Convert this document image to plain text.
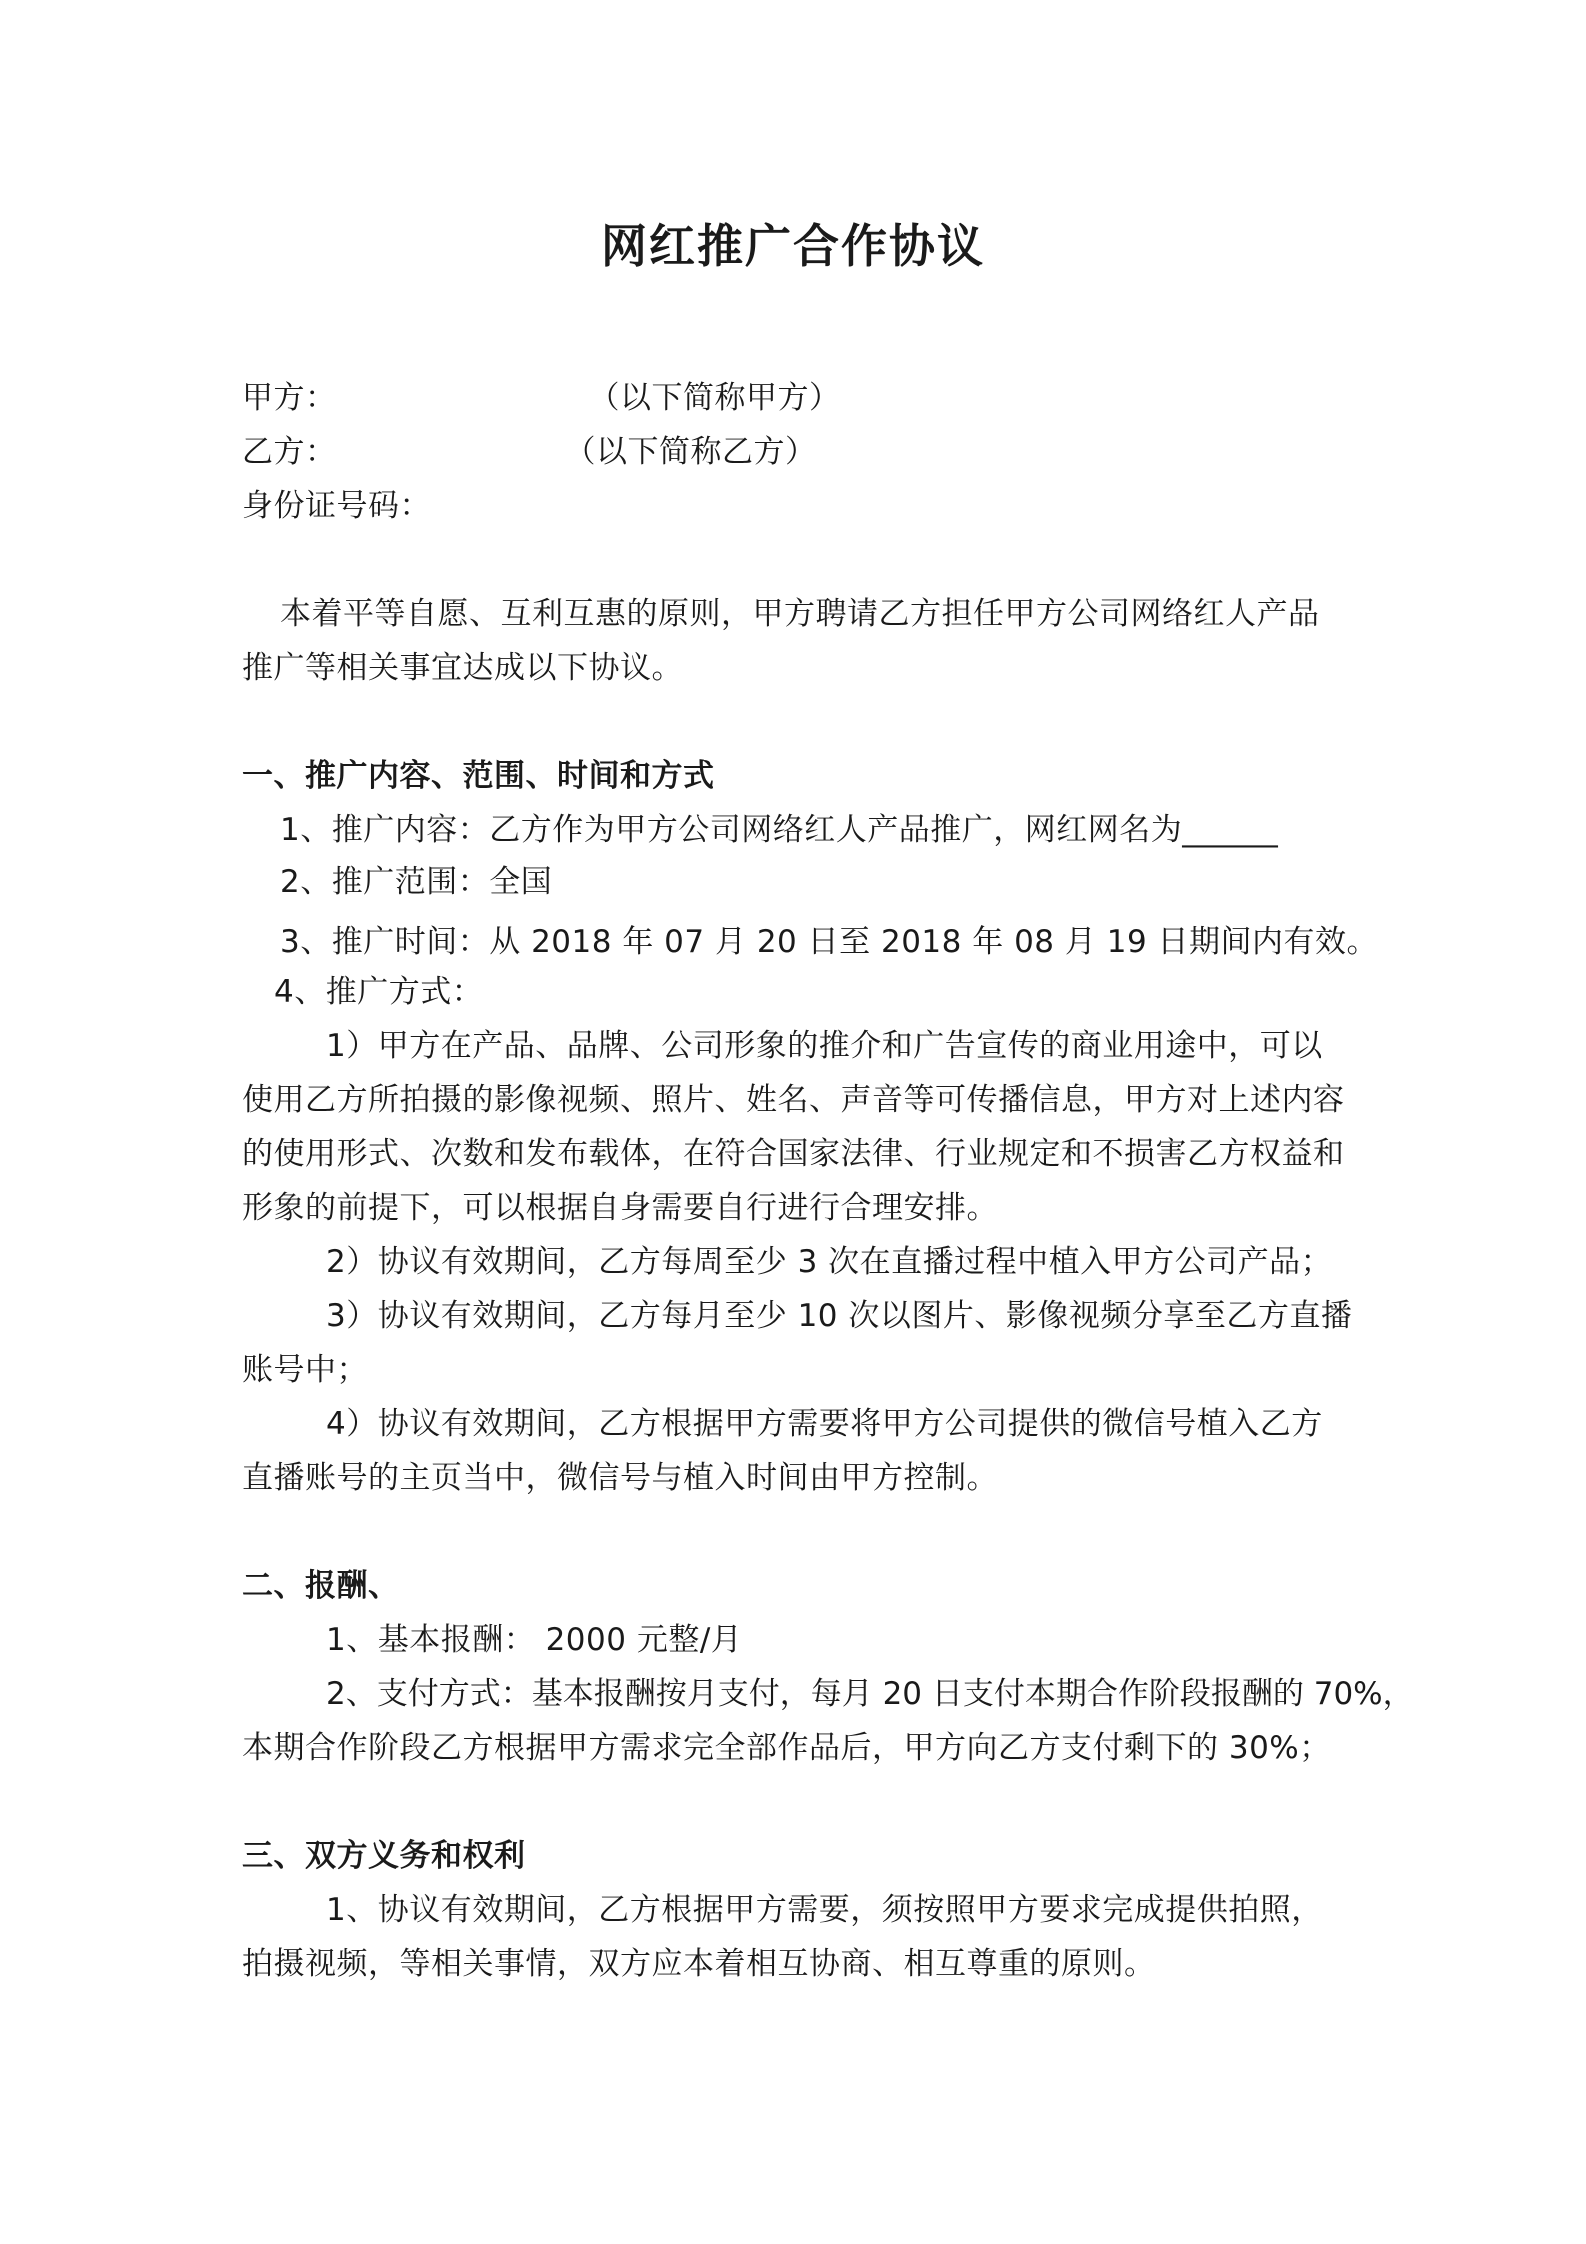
网红推广合作协议
甲方：	（以下简称甲方）
乙方：	（以下简称乙方）
身份证号码：
本着平等自愿、互利互惠的原则，甲方聘请乙方担任甲方公司网络红人产品
推广等相关事宜达成以下协议。
一、推广内容、范围、时间和方式
1、推广内容：乙方作为甲方公司网络红人产品推广，网红网名为______
2、推广范围：全国
3、推广时间：从 2018 年 07 月 20 日至 2018 年 08 月 19 日期间内有效。
4、推广方式：
1）甲方在产品、品牌、公司形象的推介和广告宣传的商业用途中，可以
使用乙方所拍摄的影像视频、照片、姓名、声音等可传播信息，甲方对上述内容
的使用形式、次数和发布载体，在符合国家法律、行业规定和不损害乙方权益和
形象的前提下，可以根据自身需要自行进行合理安排。
2）协议有效期间，乙方每周至少 3 次在直播过程中植入甲方公司产品；
3）协议有效期间，乙方每月至少 10 次以图片、影像视频分享至乙方直播
账号中；
4）协议有效期间，乙方根据甲方需要将甲方公司提供的微信号植入乙方
直播账号的主页当中，微信号与植入时间由甲方控制。
二、报酬、
1、基本报酬： 2000 元整/月
2、支付方式：基本报酬按月支付，每月 20 日支付本期合作阶段报酬的 70%，
本期合作阶段乙方根据甲方需求完全部作品后，甲方向乙方支付剩下的 30%；
三、双方义务和权利
1、协议有效期间，乙方根据甲方需要，须按照甲方要求完成提供拍照，
拍摄视频，等相关事情，双方应本着相互协商、相互尊重的原则。
